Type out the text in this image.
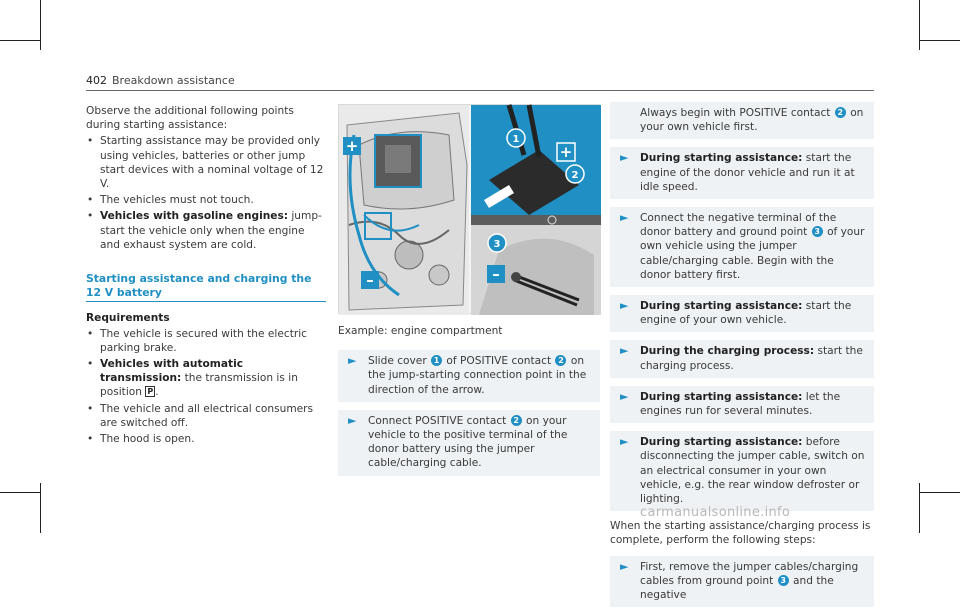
402 Breakdown assistance

Observe the additional following points during starting assistance:

• Starting assistance may be provided only using vehicles, batteries or other jump start devices with a nominal voltage of 12 V.
• The vehicles must not touch.
• Vehicles with gasoline engines: jump-start the vehicle only when the engine and exhaust system are cold.
Starting assistance and charging the 12 V battery
Requirements
• The vehicle is secured with the electric parking brake.
• Vehicles with automatic transmission: the transmission is in position P .
• The vehicle and all electrical consumers are switched off.
• The hood is open.
+
–
+
–
1
2
3
Example: engine compartment
► Slide cover 1 of POSITIVE contact 2 on the jump-starting connection point in the direction of the arrow.
► Connect POSITIVE contact 2 on your vehicle to the positive terminal of the donor battery using the jumper cable/charging cable.
Always begin with POSITIVE contact 2 on your own vehicle first.
► During starting assistance: start the engine of the donor vehicle and run it at idle speed.
► Connect the negative terminal of the donor battery and ground point 3 of your own vehicle using the jumper cable/charging cable. Begin with the donor battery first.
► During starting assistance: start the engine of your own vehicle.
► During the charging process: start the charging process.
► During starting assistance: let the engines run for several minutes.
► During starting assistance: before disconnecting the jumper cable, switch on an electrical consumer in your own vehicle, e.g. the rear window defroster or lighting.

When the starting assistance/charging process is complete, perform the following steps:

► First, remove the jumper cables/charging cables from ground point 3 and the negative
carmanualsonline.info
